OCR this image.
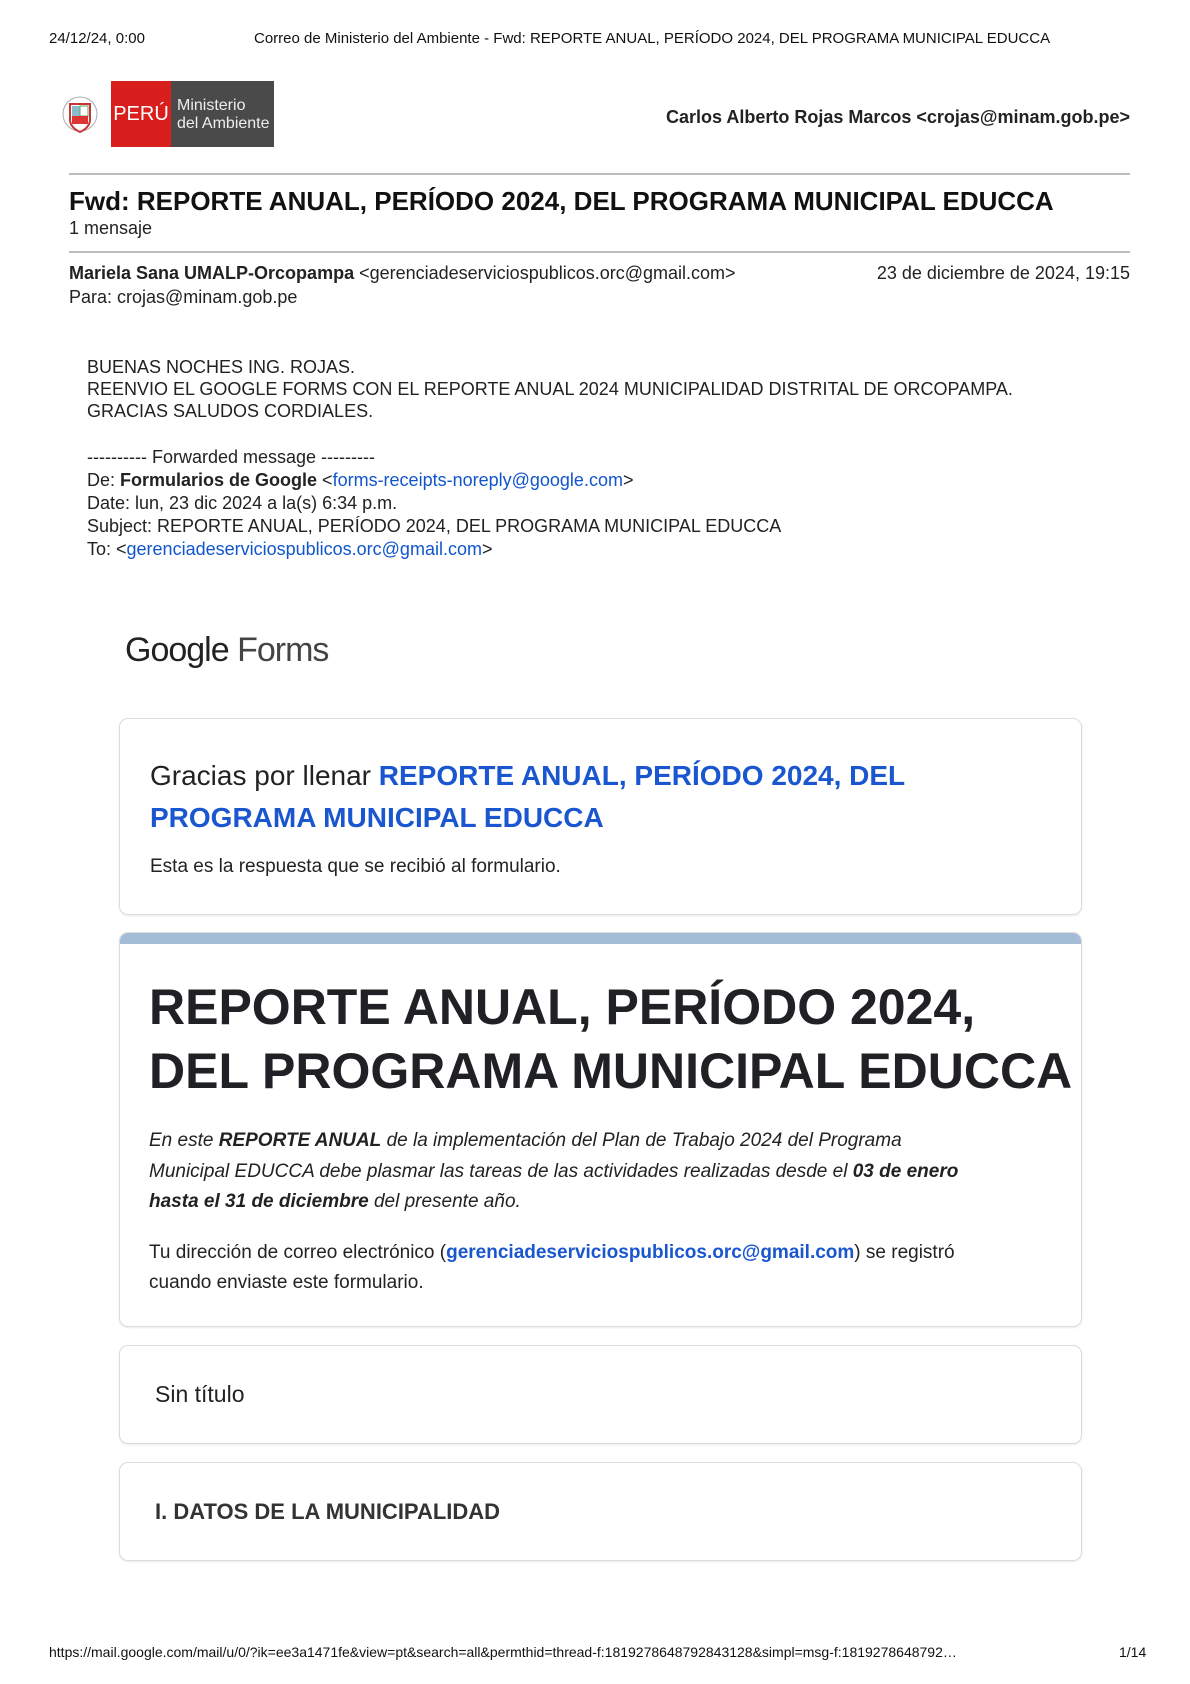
24/12/24, 0:00	Correo de Ministerio del Ambiente - Fwd: REPORTE ANUAL, PERÍODO 2024, DEL PROGRAMA MUNICIPAL EDUCCA
PERÚ Ministerio
del Ambiente	Carlos Alberto Rojas Marcos <crojas@minam.gob.pe>
Fwd: REPORTE ANUAL, PERÍODO 2024, DEL PROGRAMA MUNICIPAL EDUCCA
1 mensaje
Mariela Sana UMALP-Orcopampa <gerenciadeserviciospublicos.orc@gmail.com>	23 de diciembre de 2024, 19:15
Para: crojas@minam.gob.pe
BUENAS NOCHES ING. ROJAS.
REENVIO EL GOOGLE FORMS CON EL REPORTE ANUAL 2024 MUNICIPALIDAD DISTRITAL DE ORCOPAMPA.
GRACIAS SALUDOS CORDIALES.
---------- Forwarded message ---------
De: Formularios de Google <forms-receipts-noreply@google.com>
Date: lun, 23 dic 2024 a la(s) 6:34 p.m.
Subject: REPORTE ANUAL, PERÍODO 2024, DEL PROGRAMA MUNICIPAL EDUCCA
To: <gerenciadeserviciospublicos.orc@gmail.com>
Google Forms
Gracias por llenar REPORTE ANUAL, PERÍODO 2024, DEL
PROGRAMA MUNICIPAL EDUCCA
Esta es la respuesta que se recibió al formulario.
REPORTE ANUAL, PERÍODO 2024,
DEL PROGRAMA MUNICIPAL EDUCCA
En este REPORTE ANUAL de la implementación del Plan de Trabajo 2024 del Programa
Municipal EDUCCA debe plasmar las tareas de las actividades realizadas desde el 03 de enero
hasta el 31 de diciembre del presente año.
Tu dirección de correo electrónico (gerenciadeserviciospublicos.orc@gmail.com) se registró
cuando enviaste este formulario.
Sin título
I. DATOS DE LA MUNICIPALIDAD
https://mail.google.com/mail/u/0/?ik=ee3a1471fe&view=pt&search=all&permthid=thread-f:1819278648792843128&simpl=msg-f:1819278648792…	1/14
